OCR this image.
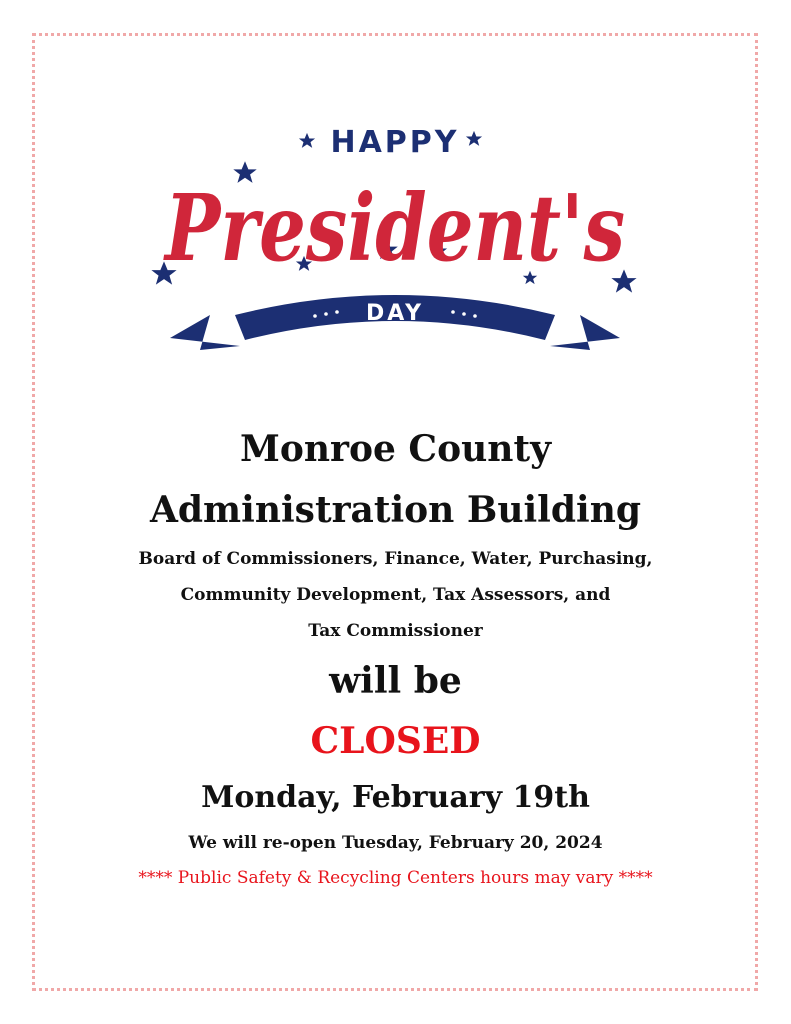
HAPPY
President's
DAY
Monroe County
Administration Building
Board of Commissioners, Finance, Water, Purchasing,
Community Development, Tax Assessors, and
Tax Commissioner
will be
CLOSED
Monday, February 19th
We will re-open Tuesday, February 20, 2024
**** Public Safety & Recycling Centers hours may vary ****
